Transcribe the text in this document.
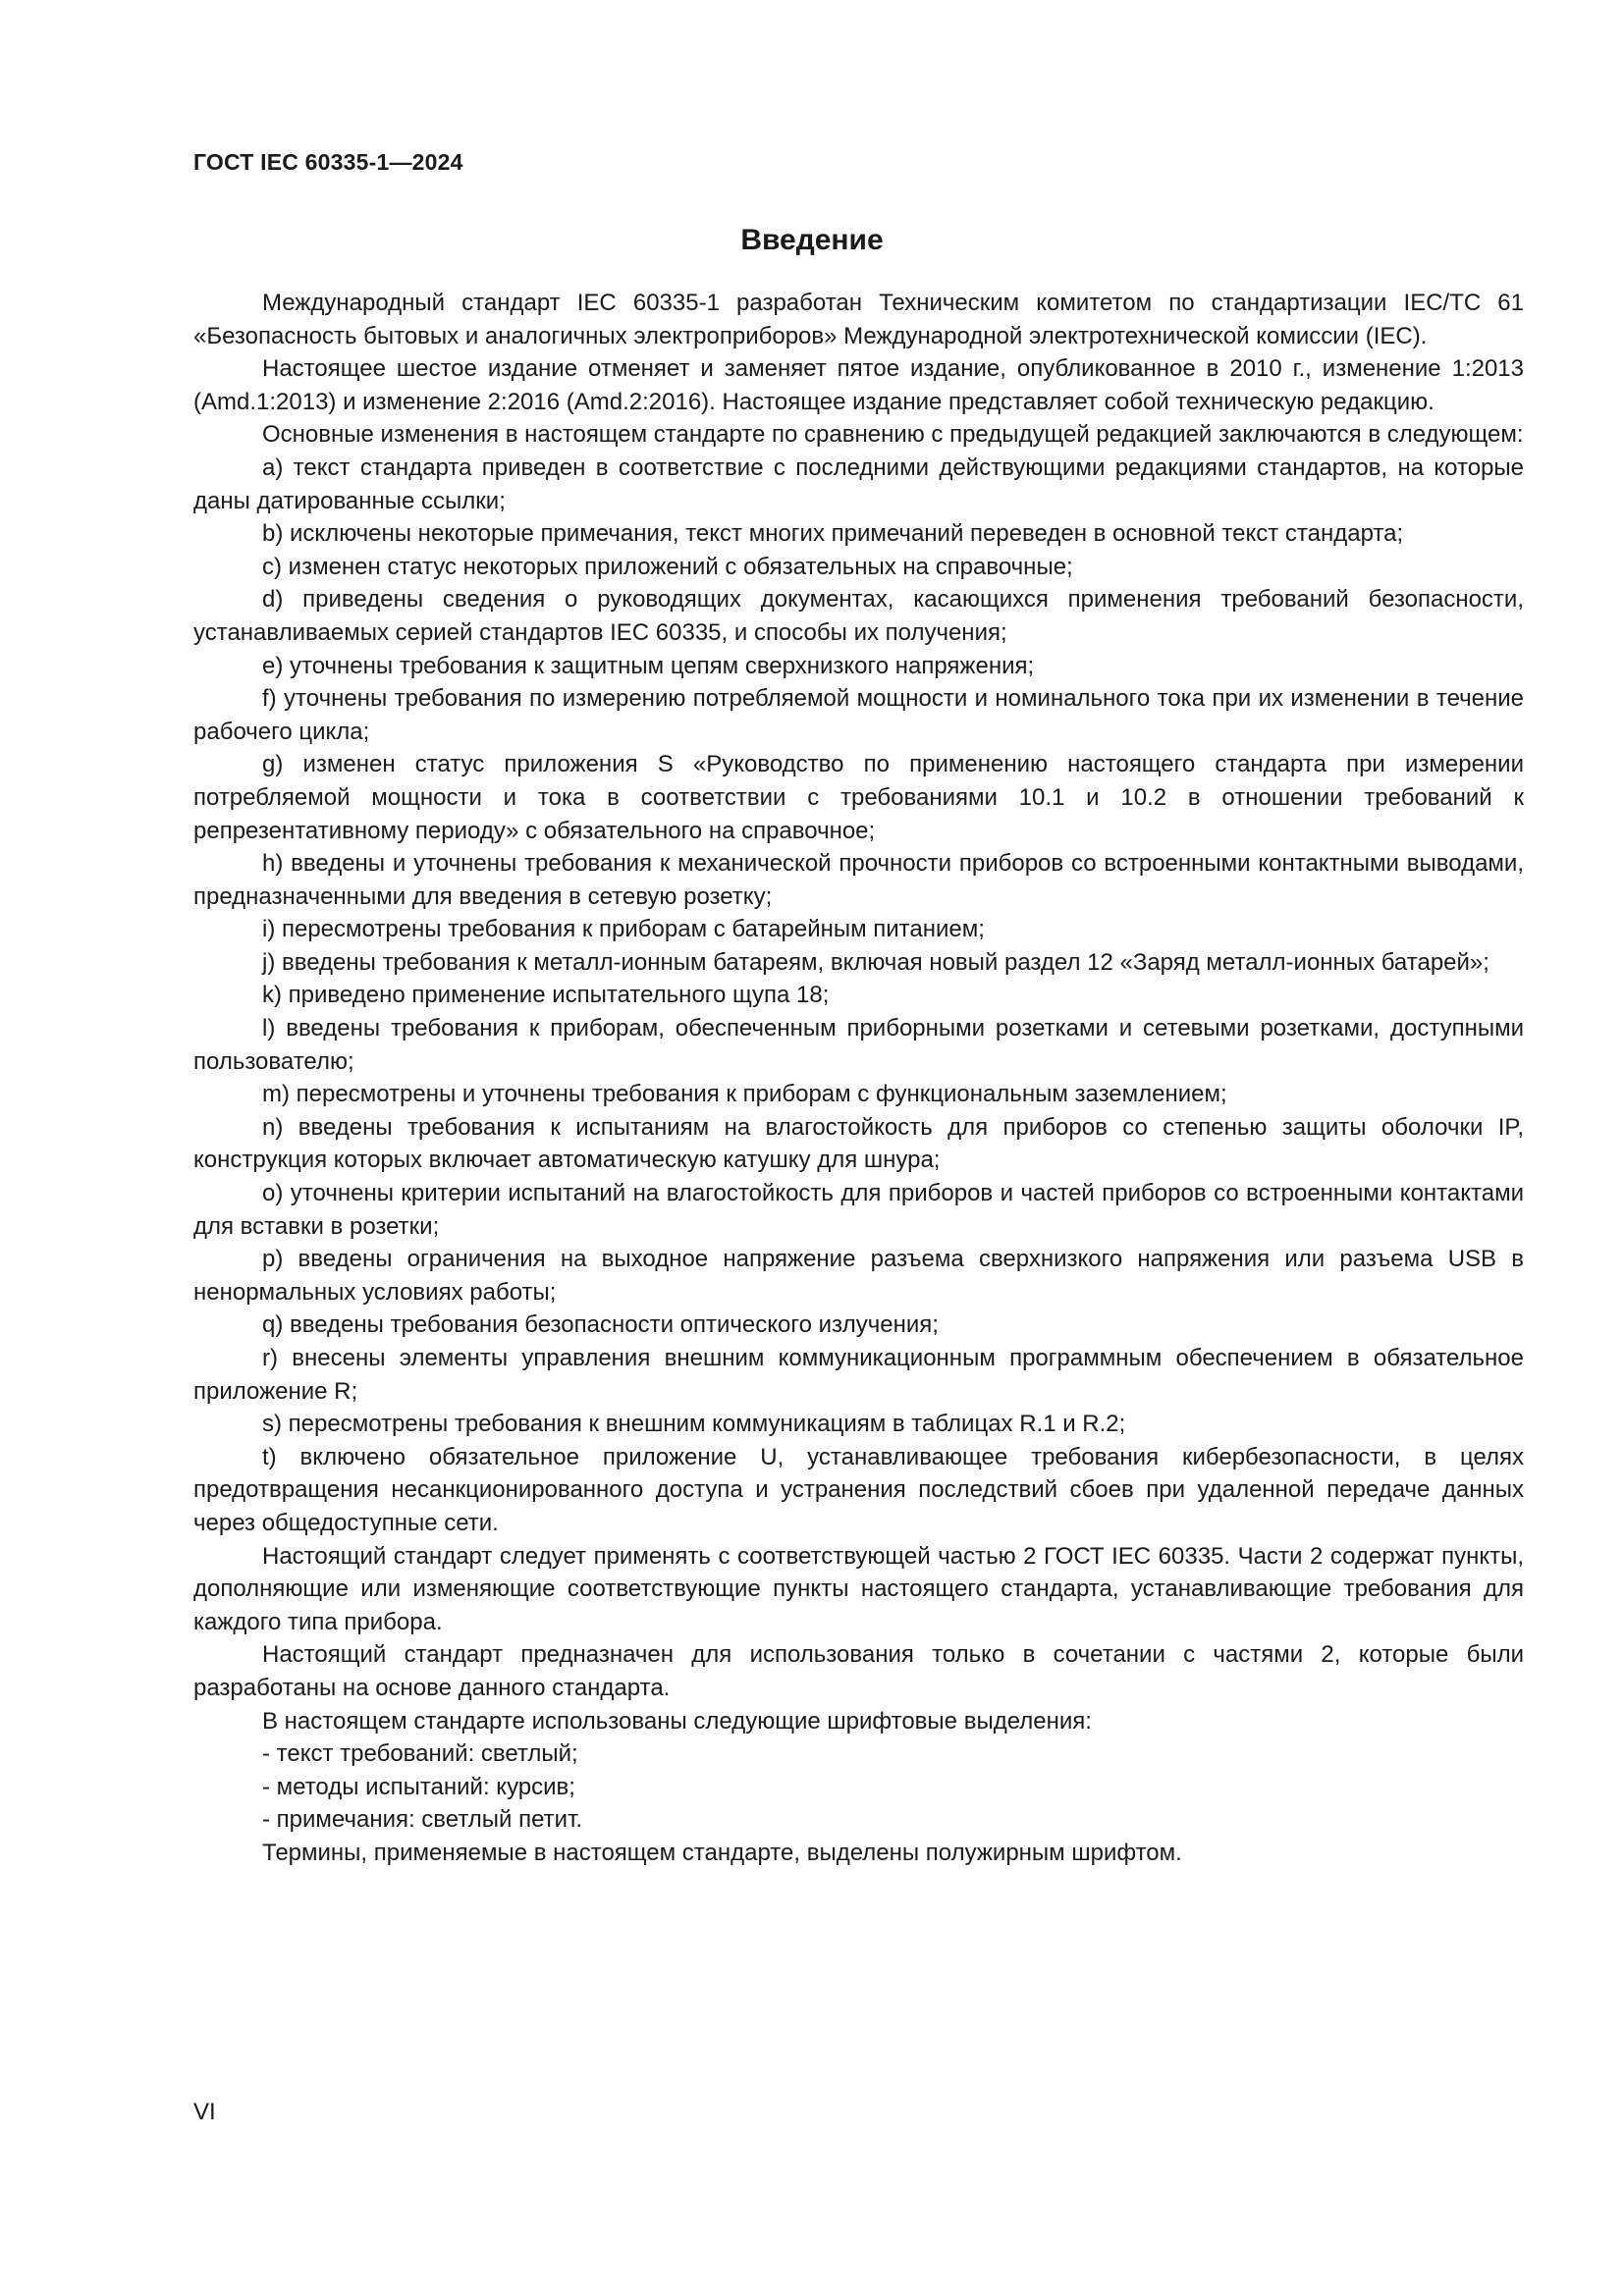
ГОСТ IEC 60335-1—2024
Введение

Международный стандарт IEC 60335-1 разработан Техническим комитетом по стандартизации IEC/TC 61 «Безопасность бытовых и аналогичных электроприборов» Международной электротехнической комиссии (IEC).

Настоящее шестое издание отменяет и заменяет пятое издание, опубликованное в 2010 г., изменение 1:2013 (Amd.1:2013) и изменение 2:2016 (Amd.2:2016). Настоящее издание представляет собой техническую редакцию.

Основные изменения в настоящем стандарте по сравнению с предыдущей редакцией заключаются в следующем:

a) текст стандарта приведен в соответствие с последними действующими редакциями стандартов, на которые даны датированные ссылки;

b) исключены некоторые примечания, текст многих примечаний переведен в основной текст стандарта;

c) изменен статус некоторых приложений с обязательных на справочные;

d) приведены сведения о руководящих документах, касающихся применения требований безопасности, устанавливаемых серией стандартов IEC 60335, и способы их получения;

e) уточнены требования к защитным цепям сверхнизкого напряжения;

f) уточнены требования по измерению потребляемой мощности и номинального тока при их изменении в течение рабочего цикла;

g) изменен статус приложения S «Руководство по применению настоящего стандарта при измерении потребляемой мощности и тока в соответствии с требованиями 10.1 и 10.2 в отношении требований к репрезентативному периоду» с обязательного на справочное;

h) введены и уточнены требования к механической прочности приборов со встроенными контактными выводами, предназначенными для введения в сетевую розетку;

i) пересмотрены требования к приборам с батарейным питанием;

j) введены требования к металл-ионным батареям, включая новый раздел 12 «Заряд металл-ионных батарей»;

k) приведено применение испытательного щупа 18;

l) введены требования к приборам, обеспеченным приборными розетками и сетевыми розетками, доступными пользователю;

m) пересмотрены и уточнены требования к приборам с функциональным заземлением;

n) введены требования к испытаниям на влагостойкость для приборов со степенью защиты оболочки IP, конструкция которых включает автоматическую катушку для шнура;

o) уточнены критерии испытаний на влагостойкость для приборов и частей приборов со встроенными контактами для вставки в розетки;

p) введены ограничения на выходное напряжение разъема сверхнизкого напряжения или разъема USB в ненормальных условиях работы;

q) введены требования безопасности оптического излучения;

r) внесены элементы управления внешним коммуникационным программным обеспечением в обязательное приложение R;

s) пересмотрены требования к внешним коммуникациям в таблицах R.1 и R.2;

t) включено обязательное приложение U, устанавливающее требования кибербезопасности, в целях предотвращения несанкционированного доступа и устранения последствий сбоев при удаленной передаче данных через общедоступные сети.

Настоящий стандарт следует применять с соответствующей частью 2 ГОСТ IEC 60335. Части 2 содержат пункты, дополняющие или изменяющие соответствующие пункты настоящего стандарта, устанавливающие требования для каждого типа прибора.

Настоящий стандарт предназначен для использования только в сочетании с частями 2, которые были разработаны на основе данного стандарта.

В настоящем стандарте использованы следующие шрифтовые выделения:

- текст требований: светлый;

- методы испытаний: курсив;

- примечания: светлый петит.

Термины, применяемые в настоящем стандарте, выделены полужирным шрифтом.

VI
